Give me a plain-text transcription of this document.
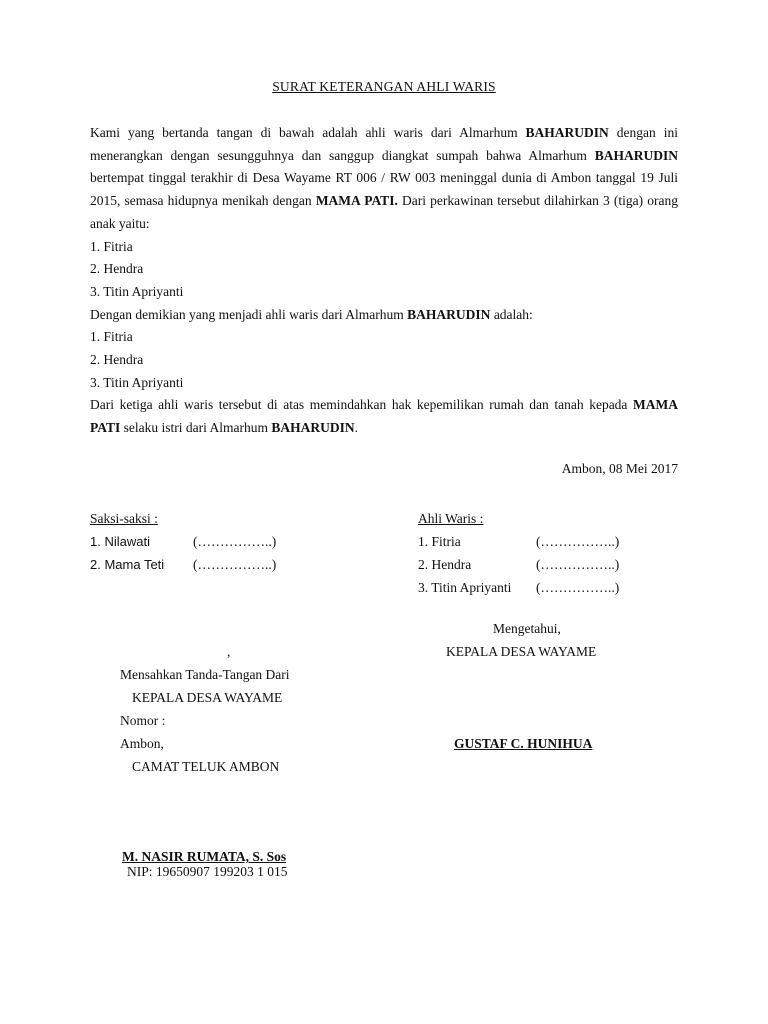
SURAT KETERANGAN AHLI WARIS

Kami yang bertanda tangan di bawah adalah ahli waris dari Almarhum BAHARUDIN dengan ini menerangkan dengan sesungguhnya dan sanggup diangkat sumpah bahwa Almarhum BAHARUDIN bertempat tinggal terakhir di Desa Wayame RT 006 / RW 003 meninggal dunia di Ambon tanggal 19 Juli 2015, semasa hidupnya menikah dengan MAMA PATI. Dari perkawinan tersebut dilahirkan 3 (tiga) orang anak yaitu:

1. Fitria

2. Hendra

3. Titin Apriyanti

Dengan demikian yang menjadi ahli waris dari Almarhum BAHARUDIN adalah:

1. Fitria

2. Hendra

3. Titin Apriyanti

Dari ketiga ahli waris tersebut di atas memindahkan hak kepemilikan rumah dan tanah kepada MAMA PATI selaku istri dari Almarhum BAHARUDIN.

Ambon, 08 Mei 2017
Saksi-saksi :
1. Nilawati	(……………..)
2. Mama Teti	(……………..)
Ahli Waris :
1. Fitria	(……………..)
2. Hendra	(……………..)
3. Titin Apriyanti	(……………..)
Mengetahui,
KEPALA DESA WAYAME
,
Mensahkan Tanda-Tangan Dari
KEPALA DESA WAYAME
Nomor :
Ambon,
CAMAT TELUK AMBON
GUSTAF C. HUNIHUA
M. NASIR RUMATA, S. Sos
NIP: 19650907 199203 1 015
